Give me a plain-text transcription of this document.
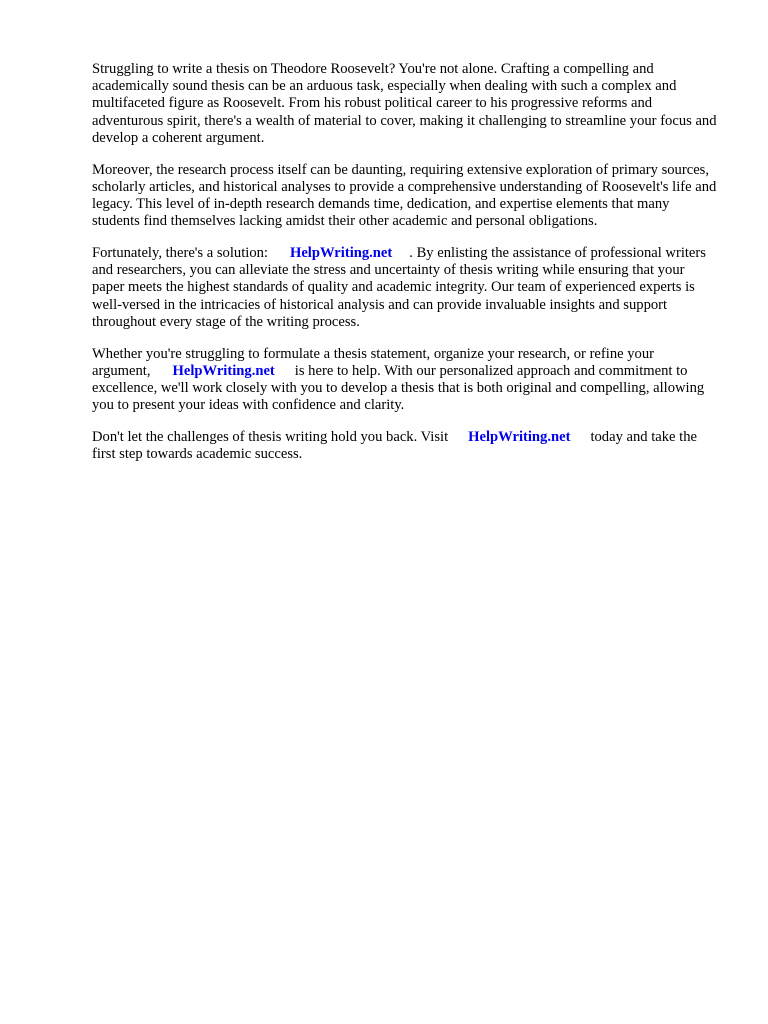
Struggling to write a thesis on Theodore Roosevelt? You're not alone. Crafting a compelling and academically sound thesis can be an arduous task, especially when dealing with such a complex and multifaceted figure as Roosevelt. From his robust political career to his progressive reforms and adventurous spirit, there's a wealth of material to cover, making it challenging to streamline your focus and develop a coherent argument.

Moreover, the research process itself can be daunting, requiring extensive exploration of primary sources, scholarly articles, and historical analyses to provide a comprehensive understanding of Roosevelt's life and legacy. This level of in-depth research demands time, dedication, and expertise elements that many students find themselves lacking amidst their other academic and personal obligations.

Fortunately, there's a solution: HelpWriting.net . By enlisting the assistance of professional writers and researchers, you can alleviate the stress and uncertainty of thesis writing while ensuring that your paper meets the highest standards of quality and academic integrity. Our team of experienced experts is well-versed in the intricacies of historical analysis and can provide invaluable insights and support throughout every stage of the writing process.

Whether you're struggling to formulate a thesis statement, organize your research, or refine your argument, HelpWriting.net is here to help. With our personalized approach and commitment to excellence, we'll work closely with you to develop a thesis that is both original and compelling, allowing you to present your ideas with confidence and clarity.

Don't let the challenges of thesis writing hold you back. Visit HelpWriting.net today and take the first step towards academic success.
